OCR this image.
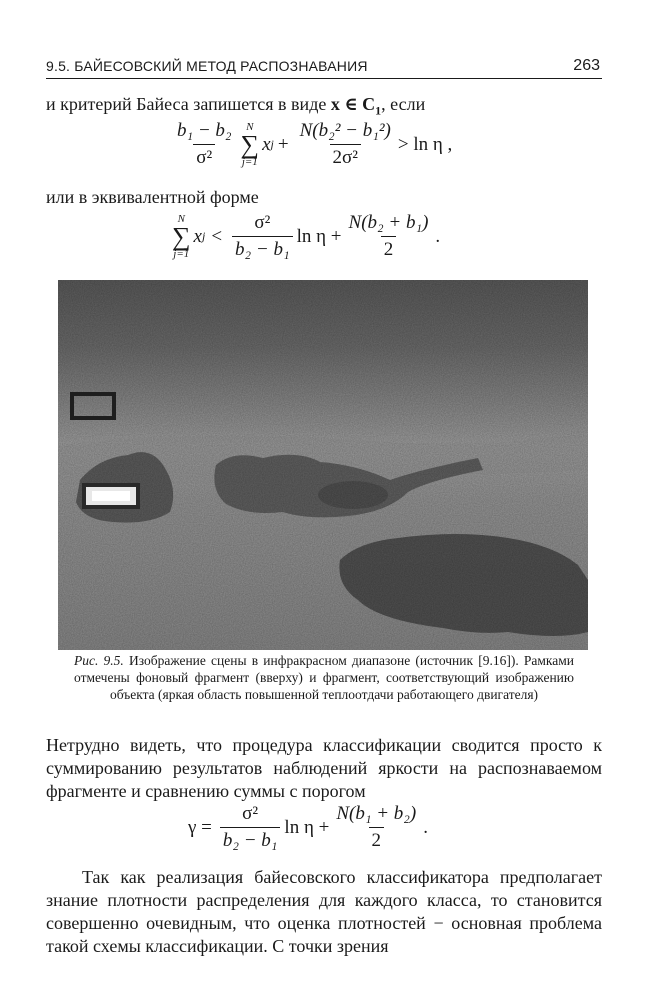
9.5. БАЙЕСОВСКИЙ МЕТОД РАСПОЗНАВАНИЯ	263
и критерий Байеса запишется в виде x ∈ $C_1$, если
$\frac{\text{b₁ − b₂}}{\text{σ²}}$ N
∑
j=1
x $j + \frac{\text{N(b₂² − b₁²)}}{\text{2σ²}} > \ln \eta$ ,
или в эквивалентной форме
N
∑
j=1
x $j < \frac{\text{σ²}}{\text{b₂ − b₁}}$ $\ln \eta + \frac{\text{N(b₂ + b₁)}}{2}$ .
Рис. 9.5. Изображение сцены в инфракрасном диапазоне (источник [9.16]). Рамками отмечены фоновый фрагмент (вверху) и фрагмент, соответствующий изображению объекта (яркая область повышенной теплоотдачи работающего двигателя)
Нетрудно видеть, что процедура классификации сводится просто к суммированию результатов наблюдений яркости на распознаваемом фрагменте и сравнению суммы с порогом
$\gamma = \frac{\text{σ²}}{\text{b₂ − b₁}}$ $\ln \eta + \frac{\text{N(b₁ + b₂)}}{2}$ .
Так как реализация байесовского классификатора предполагает знание плотности распределения для каждого класса, то становится совершенно очевидным, что оценка плотностей − основная проблема такой схемы классификации. С точки зрения
